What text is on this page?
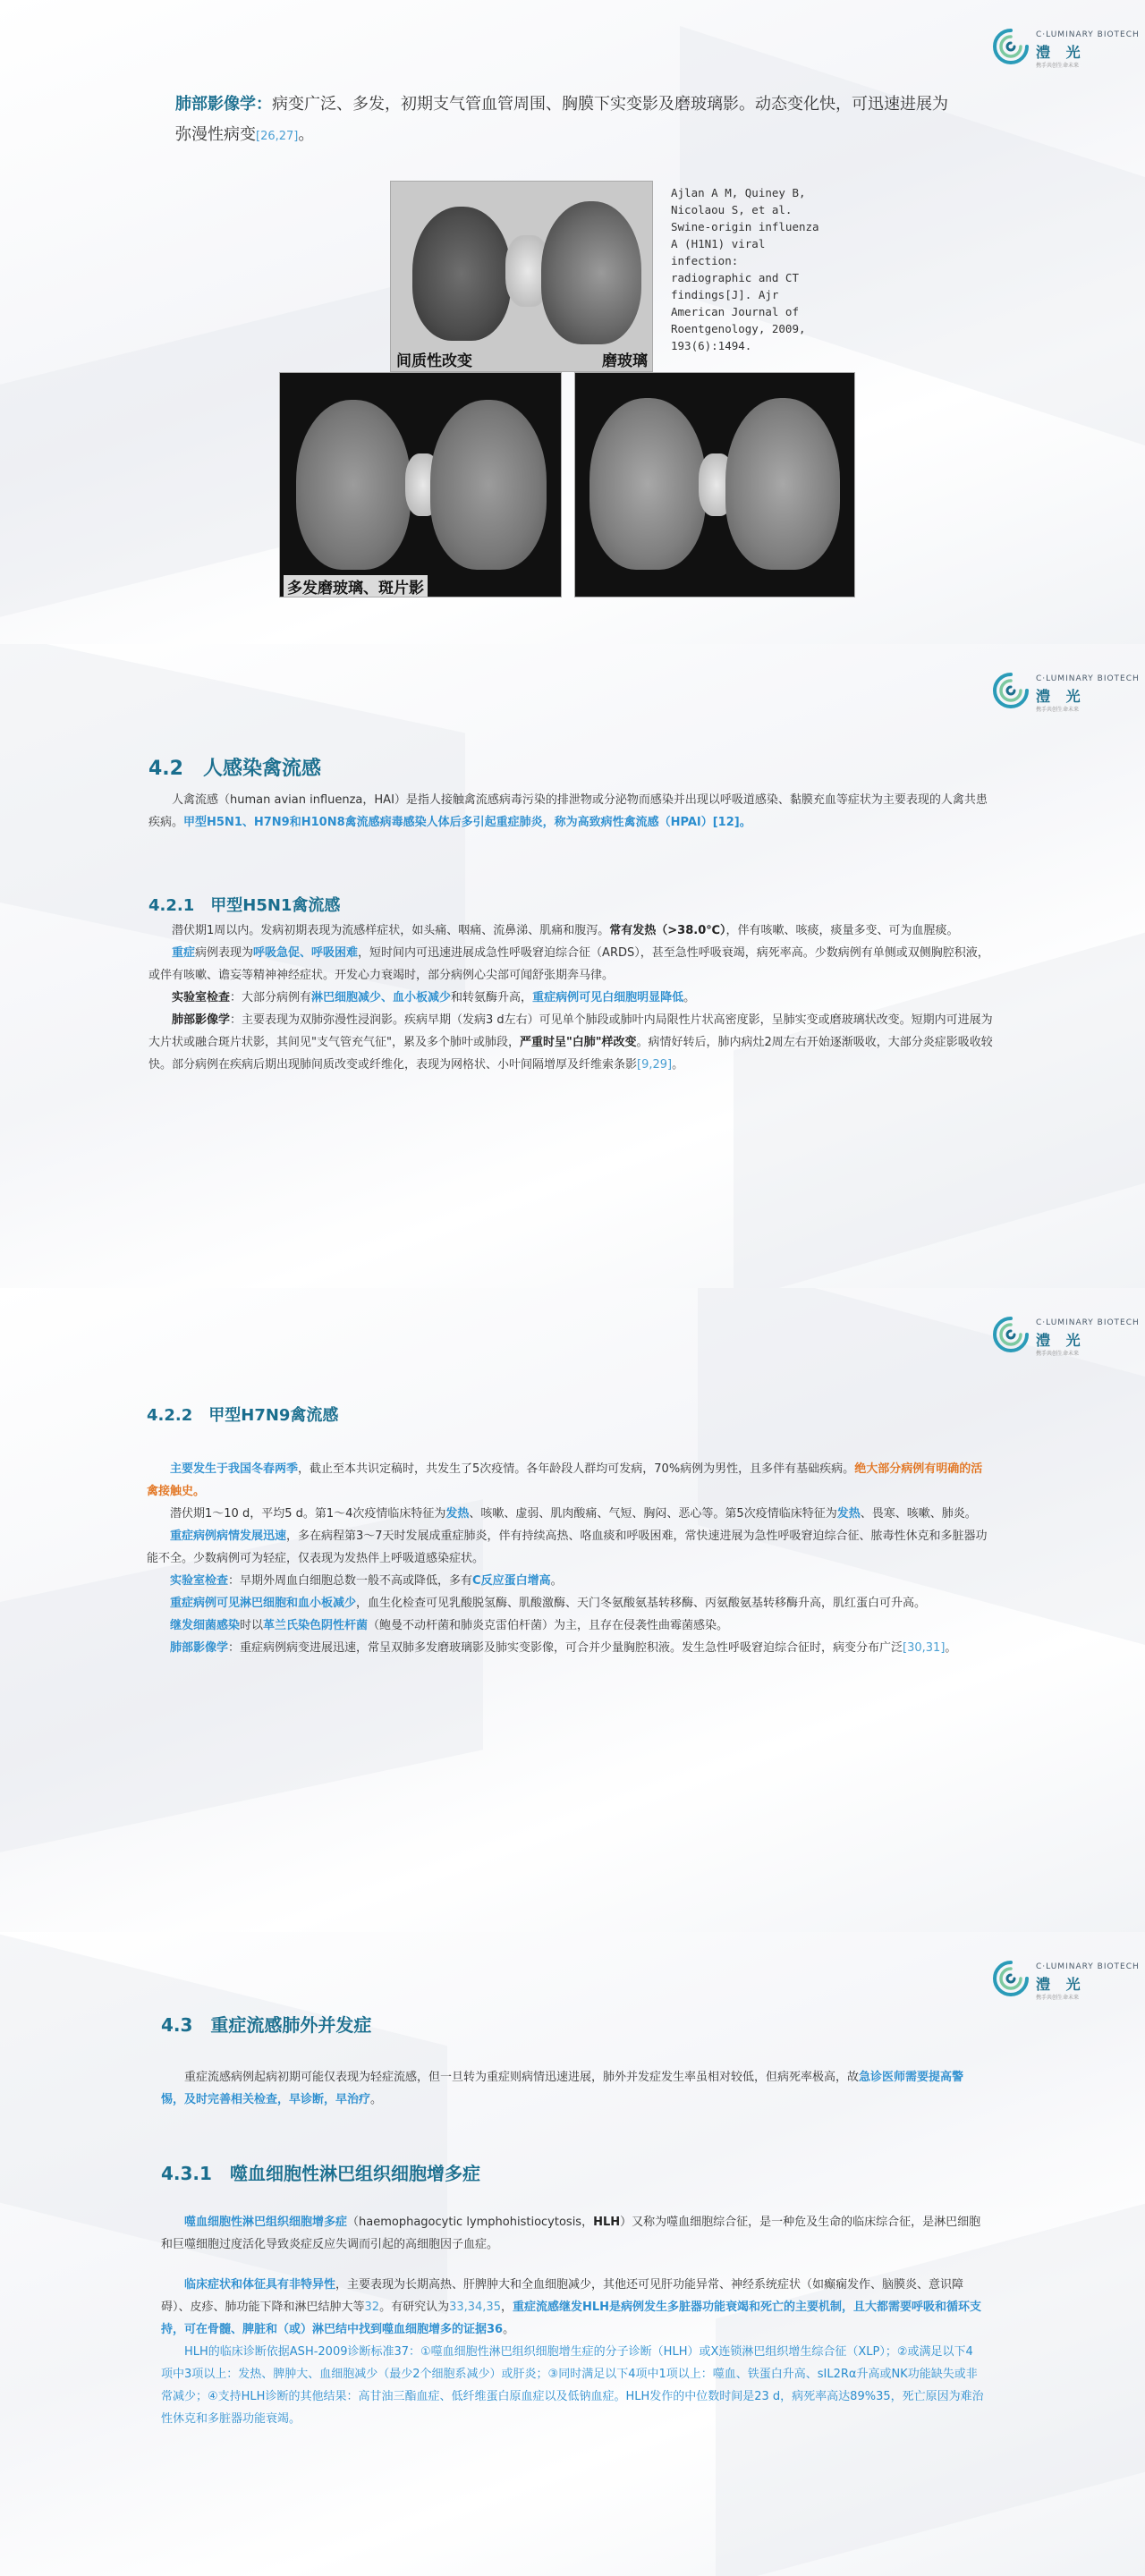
C·LUMINARY BIOTECH
澧 光
携手共创生命未来
肺部影像学：病变广泛、多发，初期支气管血管周围、胸膜下实变影及磨玻璃影。动态变化快，可迅速进展为弥漫性病变[26,27]。
间质性改变	磨玻璃
Ajlan A M, Quiney B,
Nicolaou S, et al.
Swine-origin influenza
A (H1N1) viral
infection:
radiographic and CT
findings[J]. Ajr
American Journal of
Roentgenology, 2009,
193(6):1494.
多发磨玻璃、斑片影
C·LUMINARY BIOTECH
澧 光
携手共创生命未来
4.2　人感染禽流感

人禽流感（human avian influenza，HAI）是指人接触禽流感病毒污染的排泄物或分泌物而感染并出现以呼吸道感染、黏膜充血等症状为主要表现的人禽共患疾病。甲型H5N1、H7N9和H10N8禽流感病毒感染人体后多引起重症肺炎，称为高致病性禽流感（HPAI）[12]。

4.2.1　甲型H5N1禽流感

潜伏期1周以内。发病初期表现为流感样症状，如头痛、咽痛、流鼻涕、肌痛和腹泻。常有发热（>38.0℃），伴有咳嗽、咳痰，痰量多变、可为血腥痰。

重症病例表现为呼吸急促、呼吸困难，短时间内可迅速进展成急性呼吸窘迫综合征（ARDS），甚至急性呼吸衰竭，病死率高。少数病例有单侧或双侧胸腔积液，或伴有咳嗽、谵妄等精神神经症状。开发心力衰竭时，部分病例心尖部可闻舒张期奔马律。

实验室检查：大部分病例有淋巴细胞减少、血小板减少和转氨酶升高，重症病例可见白细胞明显降低。

肺部影像学：主要表现为双肺弥漫性浸润影。疾病早期（发病3 d左右）可见单个肺段或肺叶内局限性片状高密度影，呈肺实变或磨玻璃状改变。短期内可进展为大片状或融合斑片状影，其间见"支气管充气征"，累及多个肺叶或肺段，严重时呈"白肺"样改变。病情好转后，肺内病灶2周左右开始逐渐吸收，大部分炎症影吸收较快。部分病例在疾病后期出现肺间质改变或纤维化，表现为网格状、小叶间隔增厚及纤维索条影[9,29]。

C·LUMINARY BIOTECH
澧 光
携手共创生命未来
4.2.2　甲型H7N9禽流感

主要发生于我国冬春两季，截止至本共识定稿时，共发生了5次疫情。各年龄段人群均可发病，70%病例为男性，且多伴有基础疾病。绝大部分病例有明确的活禽接触史。

潜伏期1～10 d，平均5 d。第1～4次疫情临床特征为发热、咳嗽、虚弱、肌肉酸痛、气短、胸闷、恶心等。第5次疫情临床特征为发热、畏寒、咳嗽、肺炎。

重症病例病情发展迅速，多在病程第3～7天时发展成重症肺炎，伴有持续高热、咯血痰和呼吸困难，常快速进展为急性呼吸窘迫综合征、脓毒性休克和多脏器功能不全。少数病例可为轻症，仅表现为发热伴上呼吸道感染症状。

实验室检查：早期外周血白细胞总数一般不高或降低，多有C反应蛋白增高。

重症病例可见淋巴细胞和血小板减少，血生化检查可见乳酸脱氢酶、肌酸激酶、天门冬氨酸氨基转移酶、丙氨酸氨基转移酶升高，肌红蛋白可升高。

继发细菌感染时以革兰氏染色阴性杆菌（鲍曼不动杆菌和肺炎克雷伯杆菌）为主，且存在侵袭性曲霉菌感染。

肺部影像学：重症病例病变进展迅速，常呈双肺多发磨玻璃影及肺实变影像，可合并少量胸腔积液。发生急性呼吸窘迫综合征时，病变分布广泛[30,31]。

C·LUMINARY BIOTECH
澧 光
携手共创生命未来
4.3　重症流感肺外并发症

重症流感病例起病初期可能仅表现为轻症流感，但一旦转为重症则病情迅速进展，肺外并发症发生率虽相对较低，但病死率极高，故急诊医师需要提高警惕，及时完善相关检查，早诊断，早治疗。

4.3.1　噬血细胞性淋巴组织细胞增多症

噬血细胞性淋巴组织细胞增多症（haemophagocytic lymphohistiocytosis，HLH）又称为噬血细胞综合征，是一种危及生命的临床综合征，是淋巴细胞和巨噬细胞过度活化导致炎症反应失调而引起的高细胞因子血症。

临床症状和体征具有非特异性，主要表现为长期高热、肝脾肿大和全血细胞减少，其他还可见肝功能异常、神经系统症状（如癫痫发作、脑膜炎、意识障碍）、皮疹、肺功能下降和淋巴结肿大等32。有研究认为33,34,35，重症流感继发HLH是病例发生多脏器功能衰竭和死亡的主要机制，且大都需要呼吸和循环支持，可在骨髓、脾脏和（或）淋巴结中找到噬血细胞增多的证据36。

HLH的临床诊断依据ASH-2009诊断标准37：①噬血细胞性淋巴组织细胞增生症的分子诊断（HLH）或X连锁淋巴组织增生综合征（XLP）；②或满足以下4项中3项以上：发热、脾肿大、血细胞减少（最少2个细胞系减少）或肝炎；③同时满足以下4项中1项以上：噬血、铁蛋白升高、sIL2Rα升高或NK功能缺失或非常减少；④支持HLH诊断的其他结果：高甘油三酯血症、低纤维蛋白原血症以及低钠血症。HLH发作的中位数时间是23 d，病死率高达89%35，死亡原因为难治性休克和多脏器功能衰竭。
